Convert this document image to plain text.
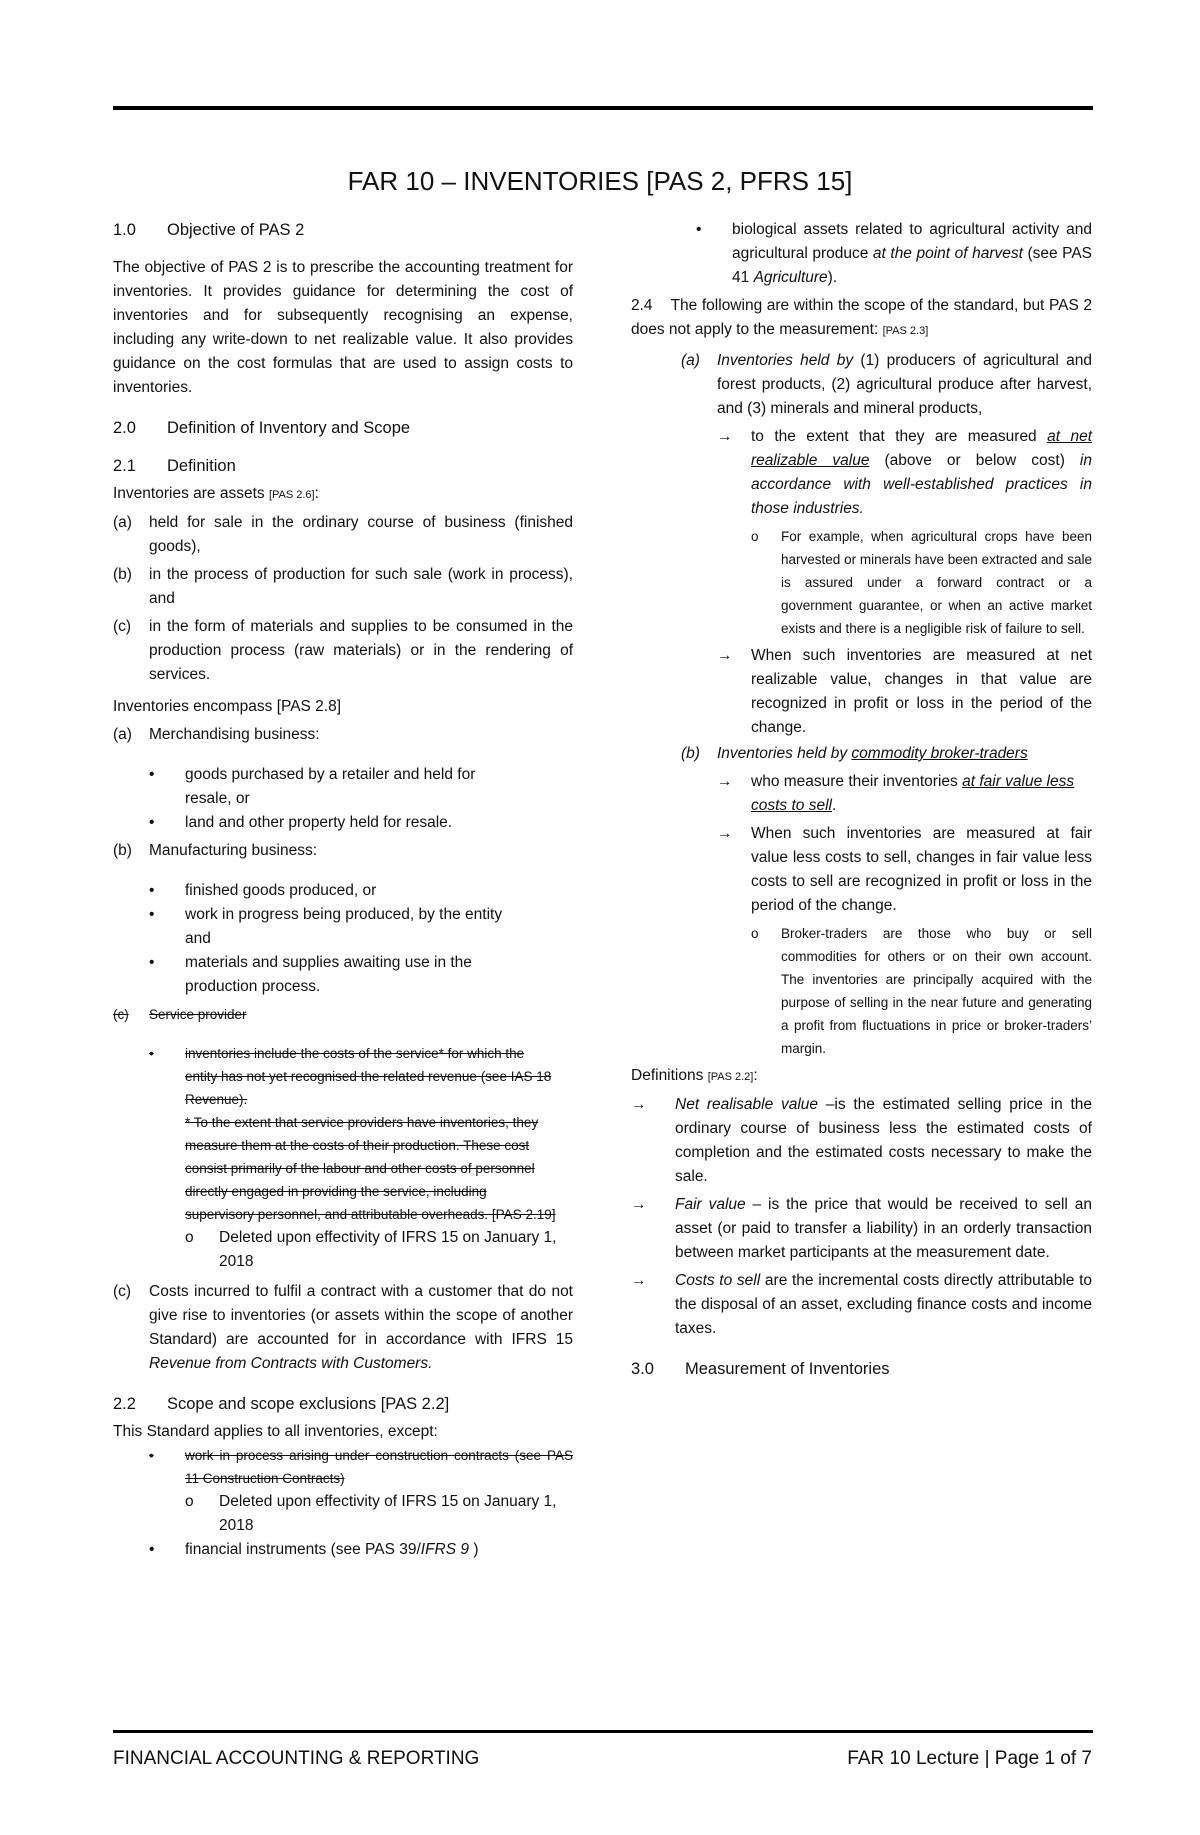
FAR 10 – INVENTORIES [PAS 2, PFRS 15]
1.0	Objective of PAS 2

The objective of PAS 2 is to prescribe the accounting treatment for inventories. It provides guidance for determining the cost of inventories and for subsequently recognising an expense, including any write-down to net realizable value. It also provides guidance on the cost formulas that are used to assign costs to inventories.

2.0	Definition of Inventory and Scope
2.1	Definition

Inventories are assets [PAS 2.6]:

(a)	held for sale in the ordinary course of business (finished goods),
(b)	in the process of production for such sale (work in process), and
(c)	in the form of materials and supplies to be consumed in the production process (raw materials) or in the rendering of services.

Inventories encompass [PAS 2.8]

(a)	Merchandising business:
•	goods purchased by a retailer and held for resale, or
•	land and other property held for resale.
(b)	Manufacturing business:
•	finished goods produced, or
•	work in progress being produced, by the entity and
•	materials and supplies awaiting use in the production process.
(c)	Service provider
•	inventories include the costs of the service* for which the entity has not yet recognised the related revenue (see IAS 18 Revenue).
* To the extent that service providers have inventories, they measure them at the costs of their production. These cost consist primarily of the labour and other costs of personnel directly engaged in providing the service, including supervisory personnel, and attributable overheads. [PAS 2.19]
o	Deleted upon effectivity of IFRS 15 on January 1, 2018
(c)	Costs incurred to fulfil a contract with a customer that do not give rise to inventories (or assets within the scope of another Standard) are accounted for in accordance with IFRS 15 Revenue from Contracts with Customers.
2.2	Scope and scope exclusions [PAS 2.2]

This Standard applies to all inventories, except:

•	work in process arising under construction contracts (see PAS 11 Construction Contracts)
o	Deleted upon effectivity of IFRS 15 on January 1, 2018
•	financial instruments (see PAS 39/IFRS 9 )
•	biological assets related to agricultural activity and agricultural produce at the point of harvest (see PAS 41 Agriculture).

2.4 The following are within the scope of the standard, but PAS 2 does not apply to the measurement: [PAS 2.3]

(a)	Inventories held by (1) producers of agricultural and forest products, (2) agricultural produce after harvest, and (3) minerals and mineral products,
→	to the extent that they are measured at net realizable value (above or below cost) in accordance with well-established practices in those industries.
o	For example, when agricultural crops have been harvested or minerals have been extracted and sale is assured under a forward contract or a government guarantee, or when an active market exists and there is a negligible risk of failure to sell.
→	When such inventories are measured at net realizable value, changes in that value are recognized in profit or loss in the period of the change.
(b)	Inventories held by commodity broker-traders
→	who measure their inventories at fair value less costs to sell.
→	When such inventories are measured at fair value less costs to sell, changes in fair value less costs to sell are recognized in profit or loss in the period of the change.
o	Broker-traders are those who buy or sell commodities for others or on their own account. The inventories are principally acquired with the purpose of selling in the near future and generating a profit from fluctuations in price or broker-traders’ margin.

Definitions [PAS 2.2]:

→	Net realisable value –is the estimated selling price in the ordinary course of business less the estimated costs of completion and the estimated costs necessary to make the sale.
→	Fair value – is the price that would be received to sell an asset (or paid to transfer a liability) in an orderly transaction between market participants at the measurement date.
→	Costs to sell are the incremental costs directly attributable to the disposal of an asset, excluding finance costs and income taxes.
3.0	Measurement of Inventories
FINANCIAL ACCOUNTING & REPORTING	FAR 10 Lecture | Page 1 of 7
